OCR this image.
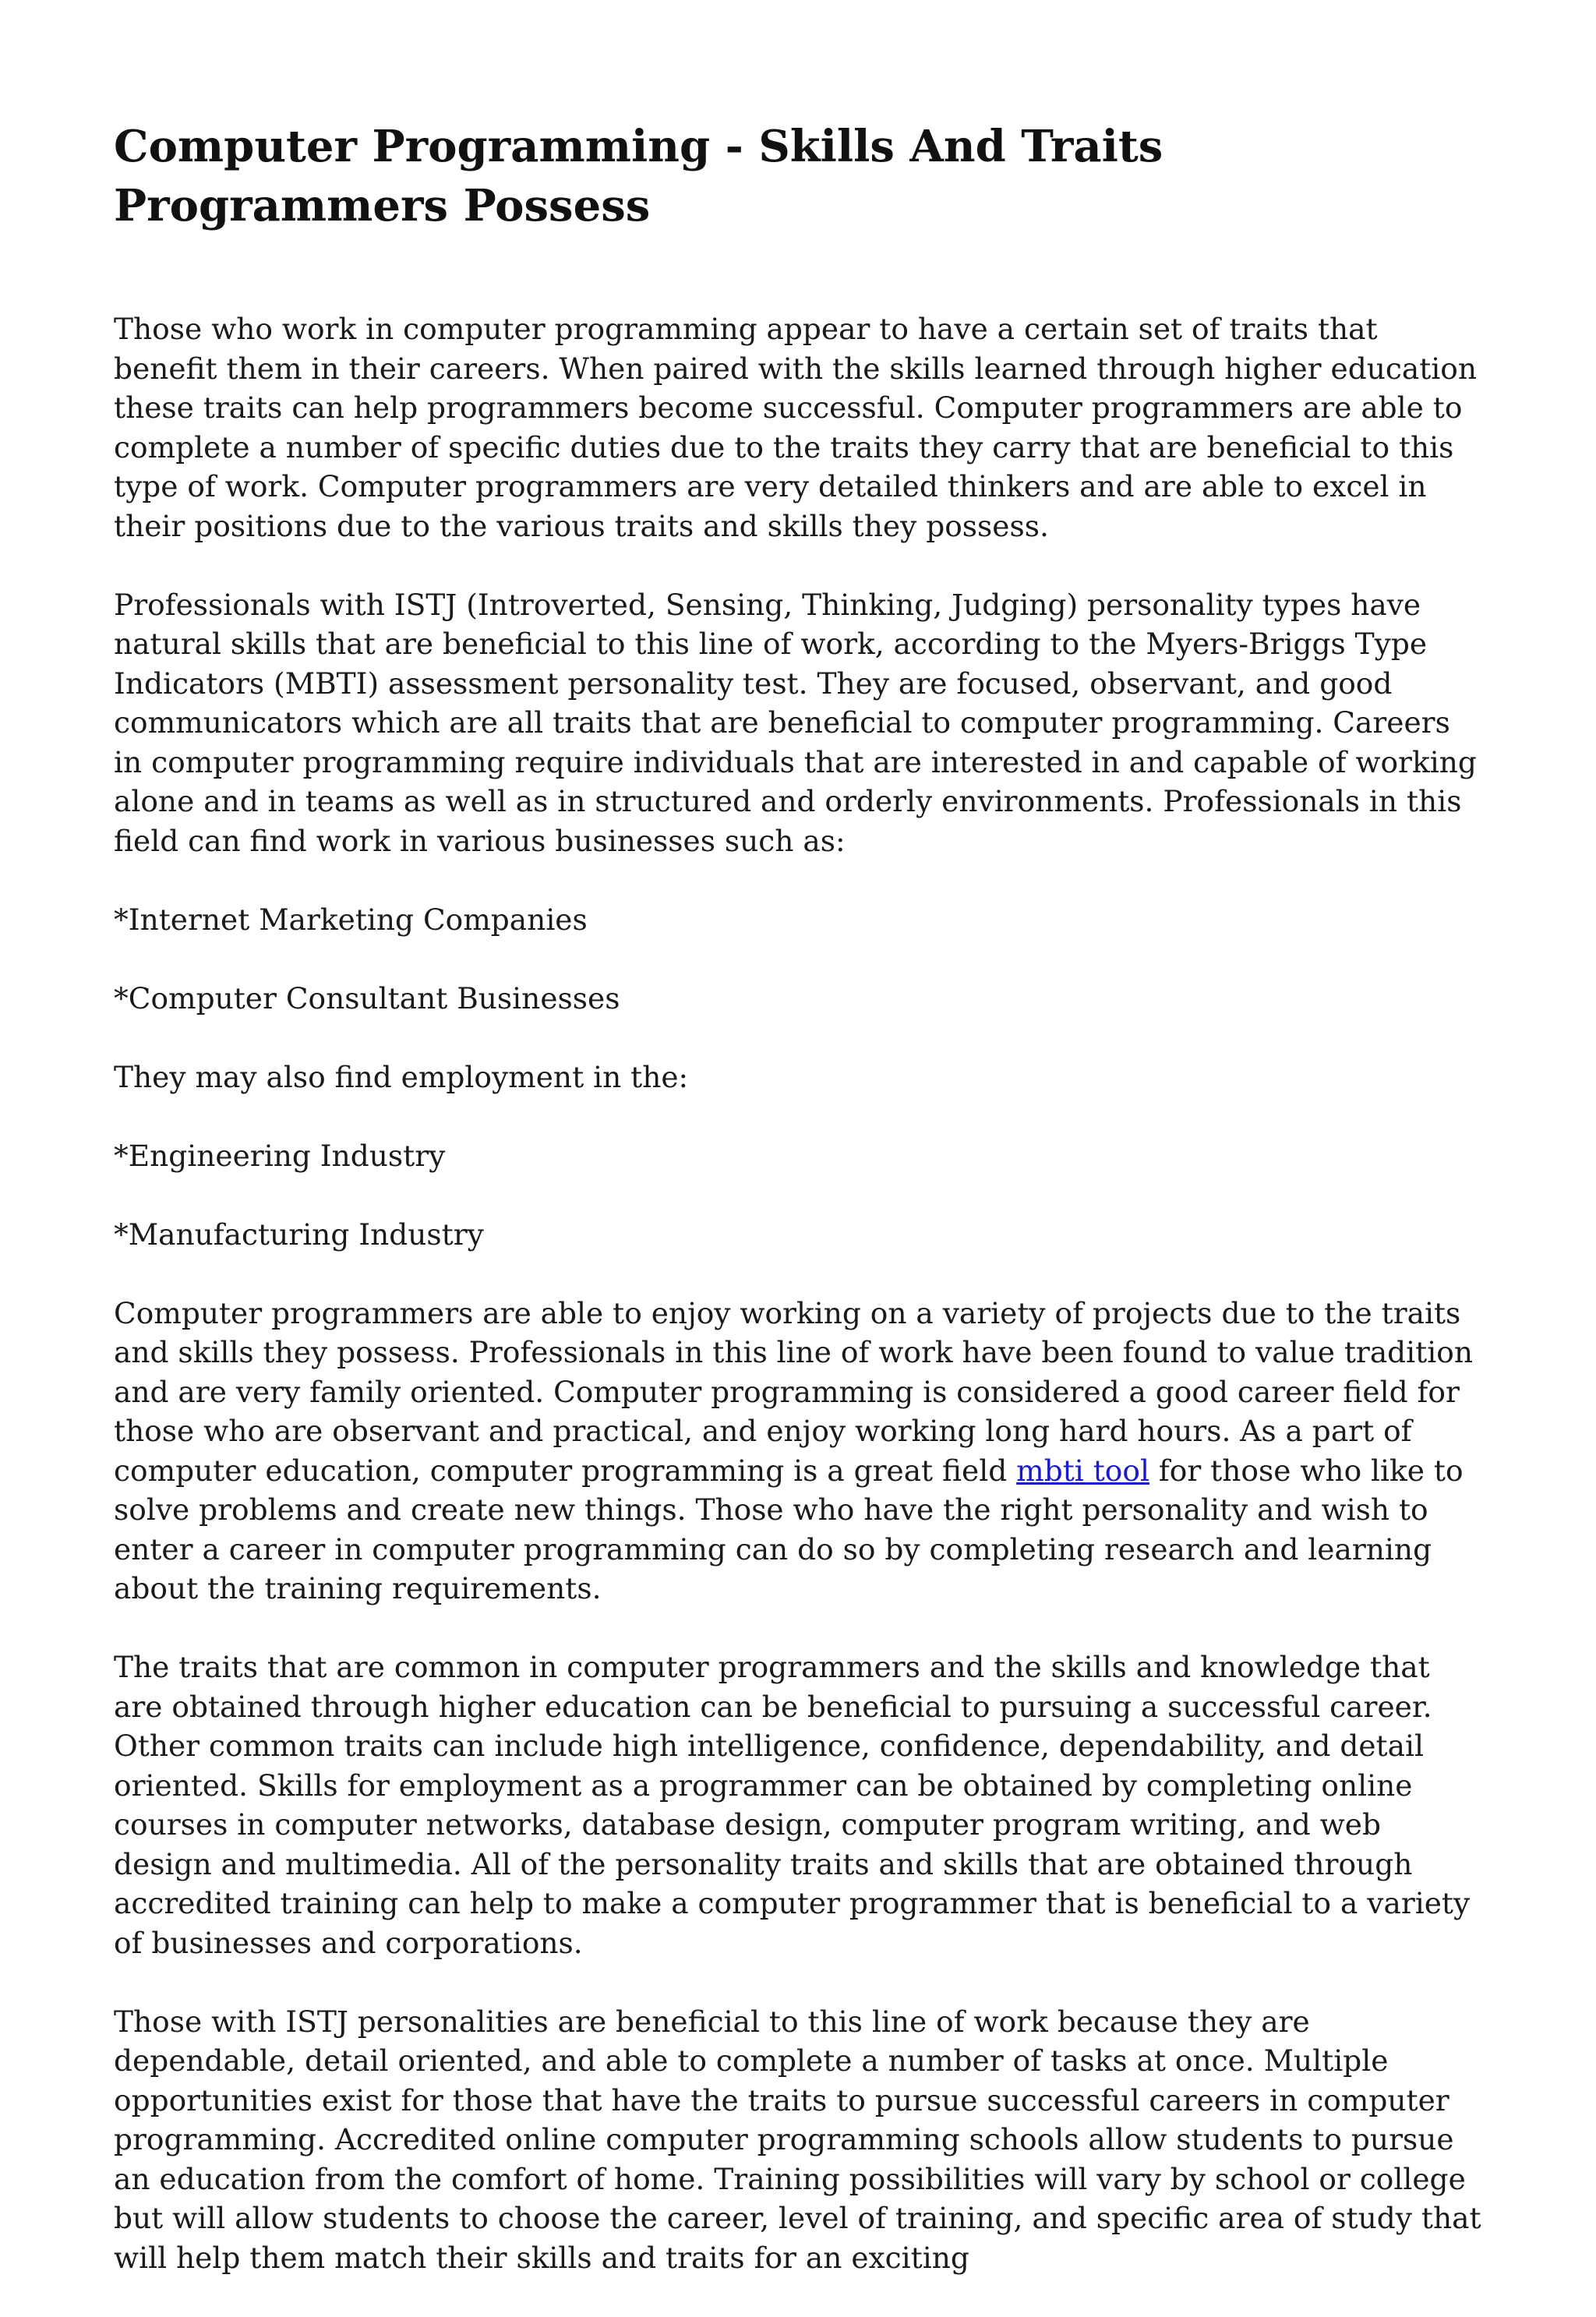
Computer Programming - Skills And Traits Programmers Possess

Those who work in computer programming appear to have a certain set of traits that benefit them in their careers. When paired with the skills learned through higher education these traits can help programmers become successful. Computer programmers are able to complete a number of specific duties due to the traits they carry that are beneficial to this type of work. Computer programmers are very detailed thinkers and are able to excel in their positions due to the various traits and skills they possess.

Professionals with ISTJ (Introverted, Sensing, Thinking, Judging) personality types have natural skills that are beneficial to this line of work, according to the Myers-Briggs Type Indicators (MBTI) assessment personality test. They are focused, observant, and good communicators which are all traits that are beneficial to computer programming. Careers in computer programming require individuals that are interested in and capable of working alone and in teams as well as in structured and orderly environments. Professionals in this field can find work in various businesses such as:

*Internet Marketing Companies

*Computer Consultant Businesses

They may also find employment in the:

*Engineering Industry

*Manufacturing Industry

Computer programmers are able to enjoy working on a variety of projects due to the traits and skills they possess. Professionals in this line of work have been found to value tradition and are very family oriented. Computer programming is considered a good career field for those who are observant and practical, and enjoy working long hard hours. As a part of computer education, computer programming is a great field mbti tool for those who like to solve problems and create new things. Those who have the right personality and wish to enter a career in computer programming can do so by completing research and learning about the training requirements.

The traits that are common in computer programmers and the skills and knowledge that are obtained through higher education can be beneficial to pursuing a successful career. Other common traits can include high intelligence, confidence, dependability, and detail oriented. Skills for employment as a programmer can be obtained by completing online courses in computer networks, database design, computer program writing, and web design and multimedia. All of the personality traits and skills that are obtained through accredited training can help to make a computer programmer that is beneficial to a variety of businesses and corporations.

Those with ISTJ personalities are beneficial to this line of work because they are dependable, detail oriented, and able to complete a number of tasks at once. Multiple opportunities exist for those that have the traits to pursue successful careers in computer programming. Accredited online computer programming schools allow students to pursue an education from the comfort of home. Training possibilities will vary by school or college but will allow students to choose the career, level of training, and specific area of study that will help them match their skills and traits for an exciting
